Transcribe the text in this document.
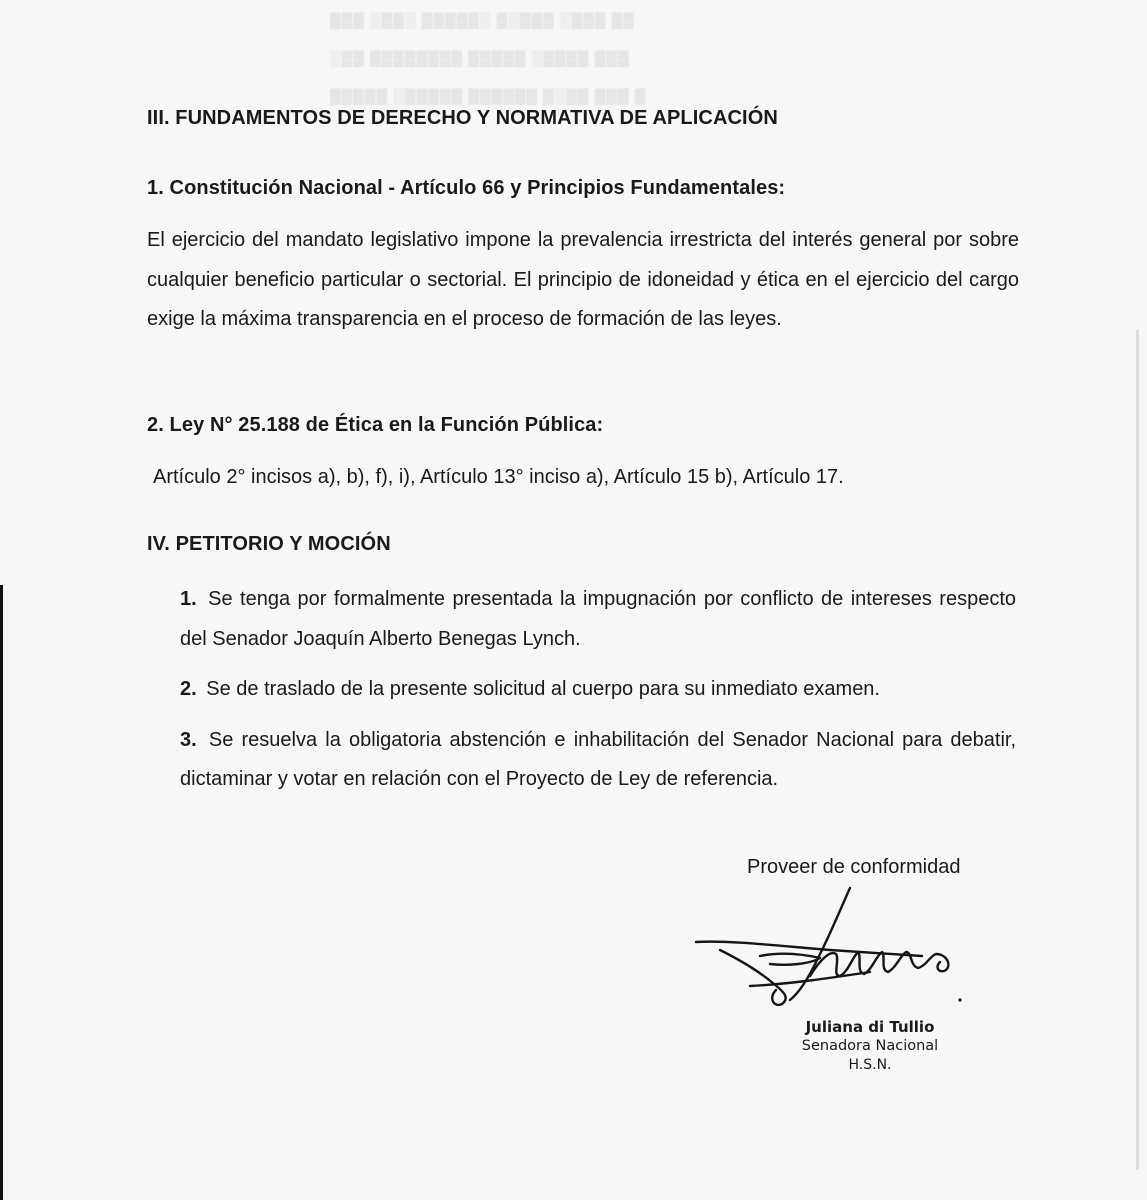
▒▒▒ ░▒▒░ ▒▒▒▒▒░ ▒░▒▒▒ ░▒▒▒ ▒▒
░▒▒ ▒▒▒▒▒▒▒▒ ▒▒▒▒▒ ░▒▒▒▒ ▒▒▒
▒▒▒▒▒ ░▒▒▒▒▒ ▒▒▒▒▒▒ ▒░▒▒ ▒▒▒ ▒
III. FUNDAMENTOS DE DERECHO Y NORMATIVA DE APLICACIÓN
1. Constitución Nacional - Artículo 66 y Principios Fundamentales:
El ejercicio del mandato legislativo impone la prevalencia irrestricta del interés general por sobre cualquier beneficio particular o sectorial. El principio de idoneidad y ética en el ejercicio del cargo exige la máxima transparencia en el proceso de formación de las leyes.
2. Ley N° 25.188 de Ética en la Función Pública:
Artículo 2° incisos a), b), f), i), Artículo 13° inciso a), Artículo 15 b), Artículo 17.
IV. PETITORIO Y MOCIÓN
1. Se tenga por formalmente presentada la impugnación por conflicto de intereses respecto del Senador Joaquín Alberto Benegas Lynch.
2. Se de traslado de la presente solicitud al cuerpo para su inmediato examen.
3. Se resuelva la obligatoria abstención e inhabilitación del Senador Nacional para debatir, dictaminar y votar en relación con el Proyecto de Ley de referencia.
Proveer de conformidad
Juliana di Tullio
Senadora Nacional
H.S.N.
